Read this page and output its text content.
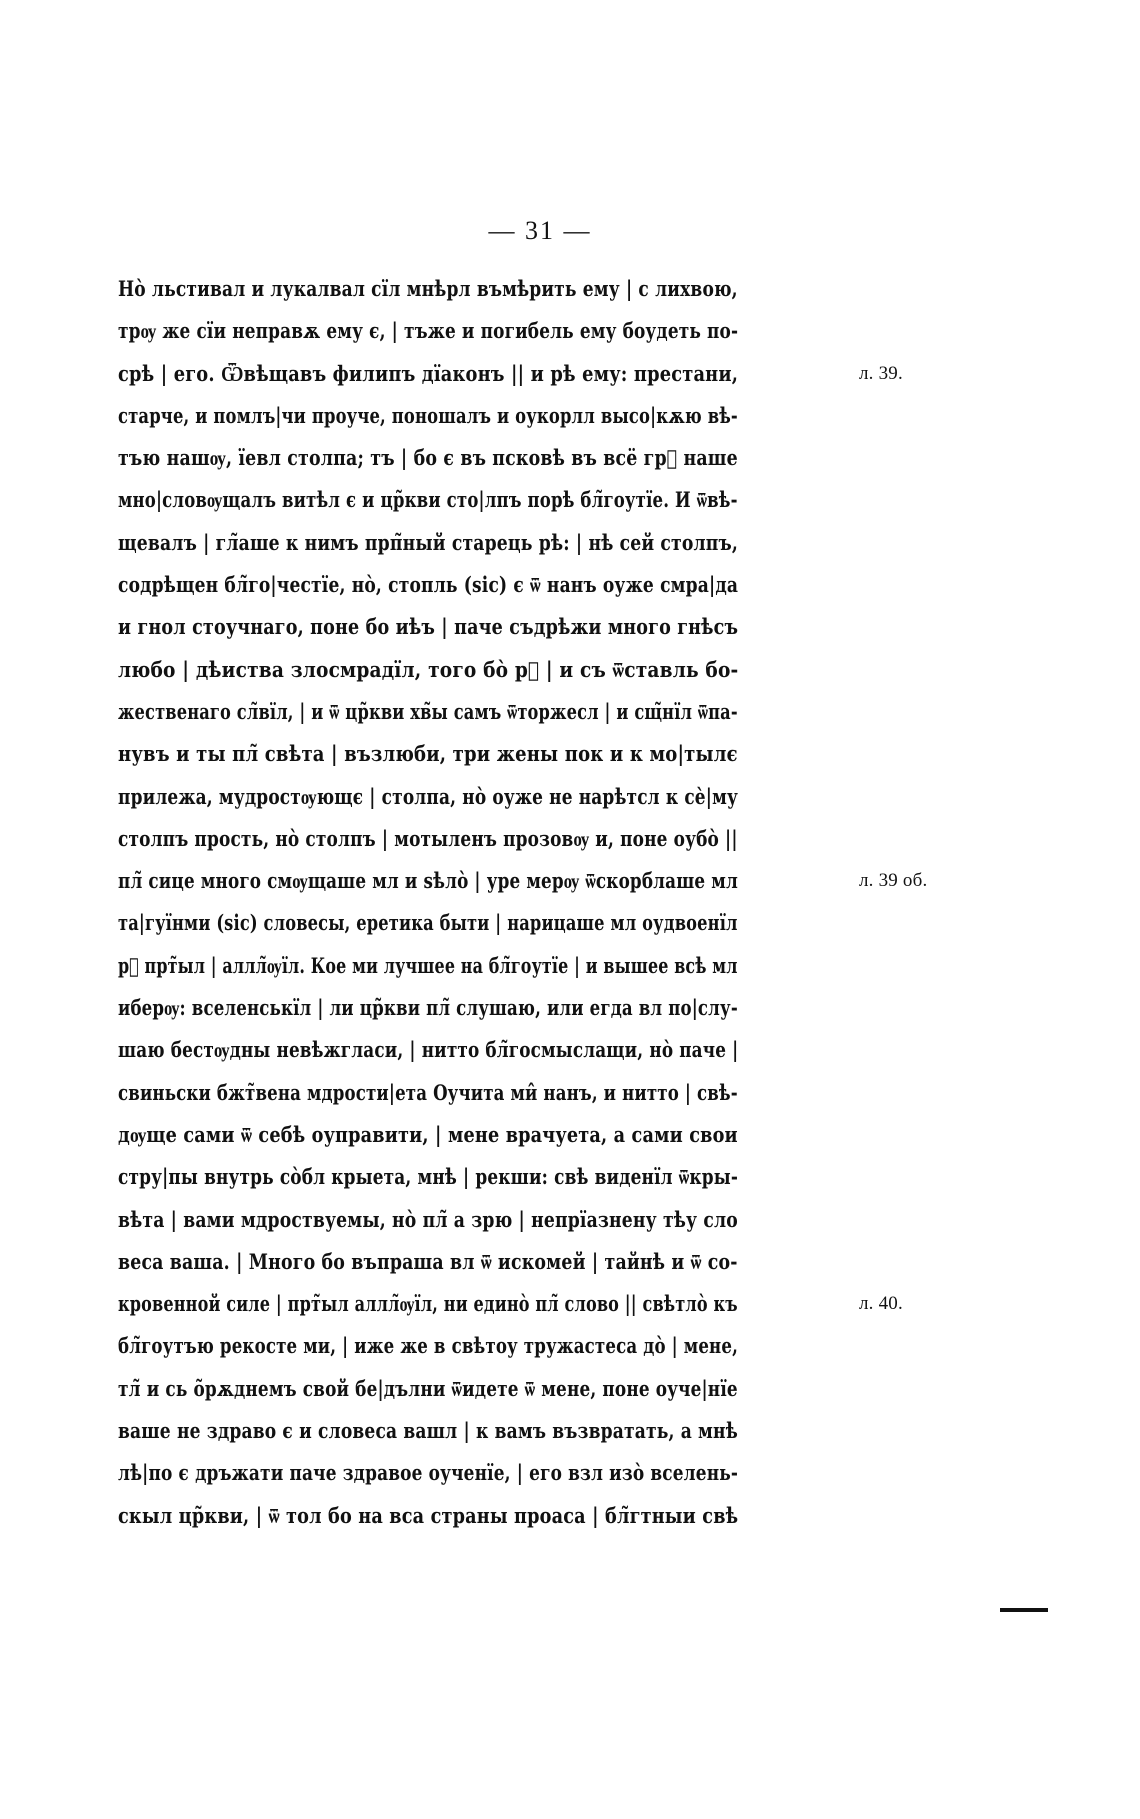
— 31 —
Но̀ льстивал и лукалвал сїл мнѣрл въмѣрить ему | с лихвою,
трѹ же сїи неправѫ ему є, | тъже и погибель ему боудеть по-
срѣ | его. Ѿвѣщавъ филипъ дїаконъ || и рѣ ему: престани,	л. 39.
старче, и помлъ|чи проуче, поношалъ и оукорлл высо|кѫю вѣ-
тъю нашѹ, їевл столпа; тъ | бо є въ псковѣ въ всё грⷣ наше
мно|словѹщалъ витѣл є и цр̃кви сто|лпъ порѣ бл̃гоутїе. И ѿвѣ-
щевалъ | гл̃аше к нимъ прп̃ный старець рѣ: | нѣ сей столпъ,
содрѣщен бл̃го|честїе, но̀, стопль (sic) є ѿ нанъ оуже смра|да
и гнол стоучнаго, поне бо иѣъ | паче съдрѣжи много гнѣсъ
любо | дѣиства злосмрадїл, того бо̀ рⷶ | и съ ѿставль бо-
жественаго сл̃вїл, | и ѿ цр̃кви хв̃ы самъ ѿторжесл | и сщ̃нїл ѿпа-
нувъ и ты пл̃ свѣта | възлюби, три жены пок и к мо|тылє
прилежа, мудростѹющє | столпа, но̀ оуже не нарѣтсл к сѐ|му
столпъ прость, но̀ столпъ | мотыленъ прозовѹ и, поне оубо̀ ||
пл̃ сице много смѹщаше мл и ѕѣло̀ | уре мерѹ ѿскорблаше мл	л. 39 об.
та|гуїнми (sic) словесы, еретика быти | нарицаше мл оудвоенїл
рⷶ прт̃ыл | аллл̃ѹїл. Кое ми лучшее на бл̃гоутїе | и вышее всѣ мл
иберѹ: вселенськїл | ли цр̃кви пл̃ слушаю, или егда вл по|слу-
шаю бестѹдны невѣжгласи, | нитто бл̃госмыслащи, но̀ паче |
свиньски бжт̃вена мдрости|ета Оучита ми̂ нанъ, и нитто | свѣ-
дѹще сами ѿ себѣ оуправити, | мене врачуета, а сами свои
стру|пы внутрь со̀бл крыета, мнѣ | рекши: свѣ виденїл ѿкры-
вѣта | вами мдроствуемы, но̀ пл̃ а зрю | непрїазнену тѣу сло
веса ваша. | Много бо въпраша вл ѿ искомей | тайнѣ и ѿ со-
кровенной силе | прт̃ыл аллл̃ѹїл, ни едино̀ пл̃ слово || свѣтло̀ къ	л. 40.
бл̃гоутъю рекосте ми, | иже же в свѣтоу тружастеса до̀ | мене,
тл̃ и сь о̃рѫднемъ свой бе|дълни ѿидете ѿ мене, поне оуче|нїе
ваше не здраво є и словеса вашл | к вамъ възвратать, а мнѣ
лѣ|по є дръжати паче здравое оученїе, | его взл изо̀ вселень-
скыл цр̃кви, | ѿ тол бо на вса страны проаса | бл̃гтныи свѣ
